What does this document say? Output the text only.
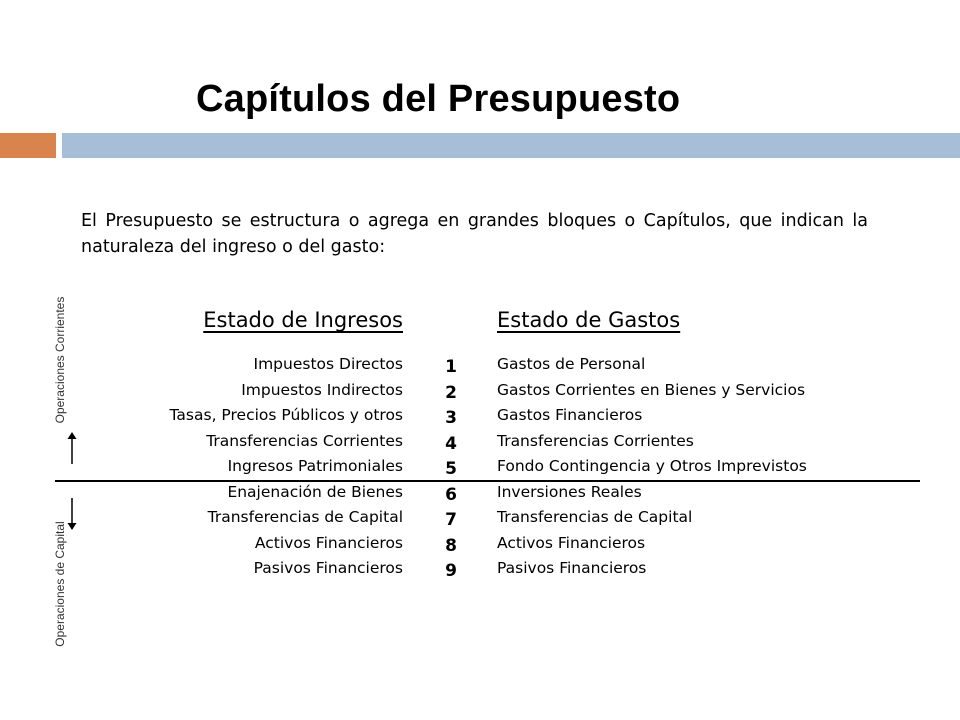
Capítulos del Presupuesto

El Presupuesto se estructura o agrega en grandes bloques o Capítulos, que indican la naturaleza del ingreso o del gasto:

Operaciones Corrientes
Operaciones de Capital
Estado de Ingresos	Estado de Gastos
Impuestos Directos
Impuestos Indirectos
Tasas, Precios Públicos y otros
Transferencias Corrientes
Ingresos Patrimoniales
Enajenación de Bienes
Transferencias de Capital
Activos Financieros
Pasivos Financieros
1
2
3
4
5
6
7
8
9
Gastos de Personal
Gastos Corrientes en Bienes y Servicios
Gastos Financieros
Transferencias Corrientes
Fondo Contingencia y Otros Imprevistos
Inversiones Reales
Transferencias de Capital
Activos Financieros
Pasivos Financieros
